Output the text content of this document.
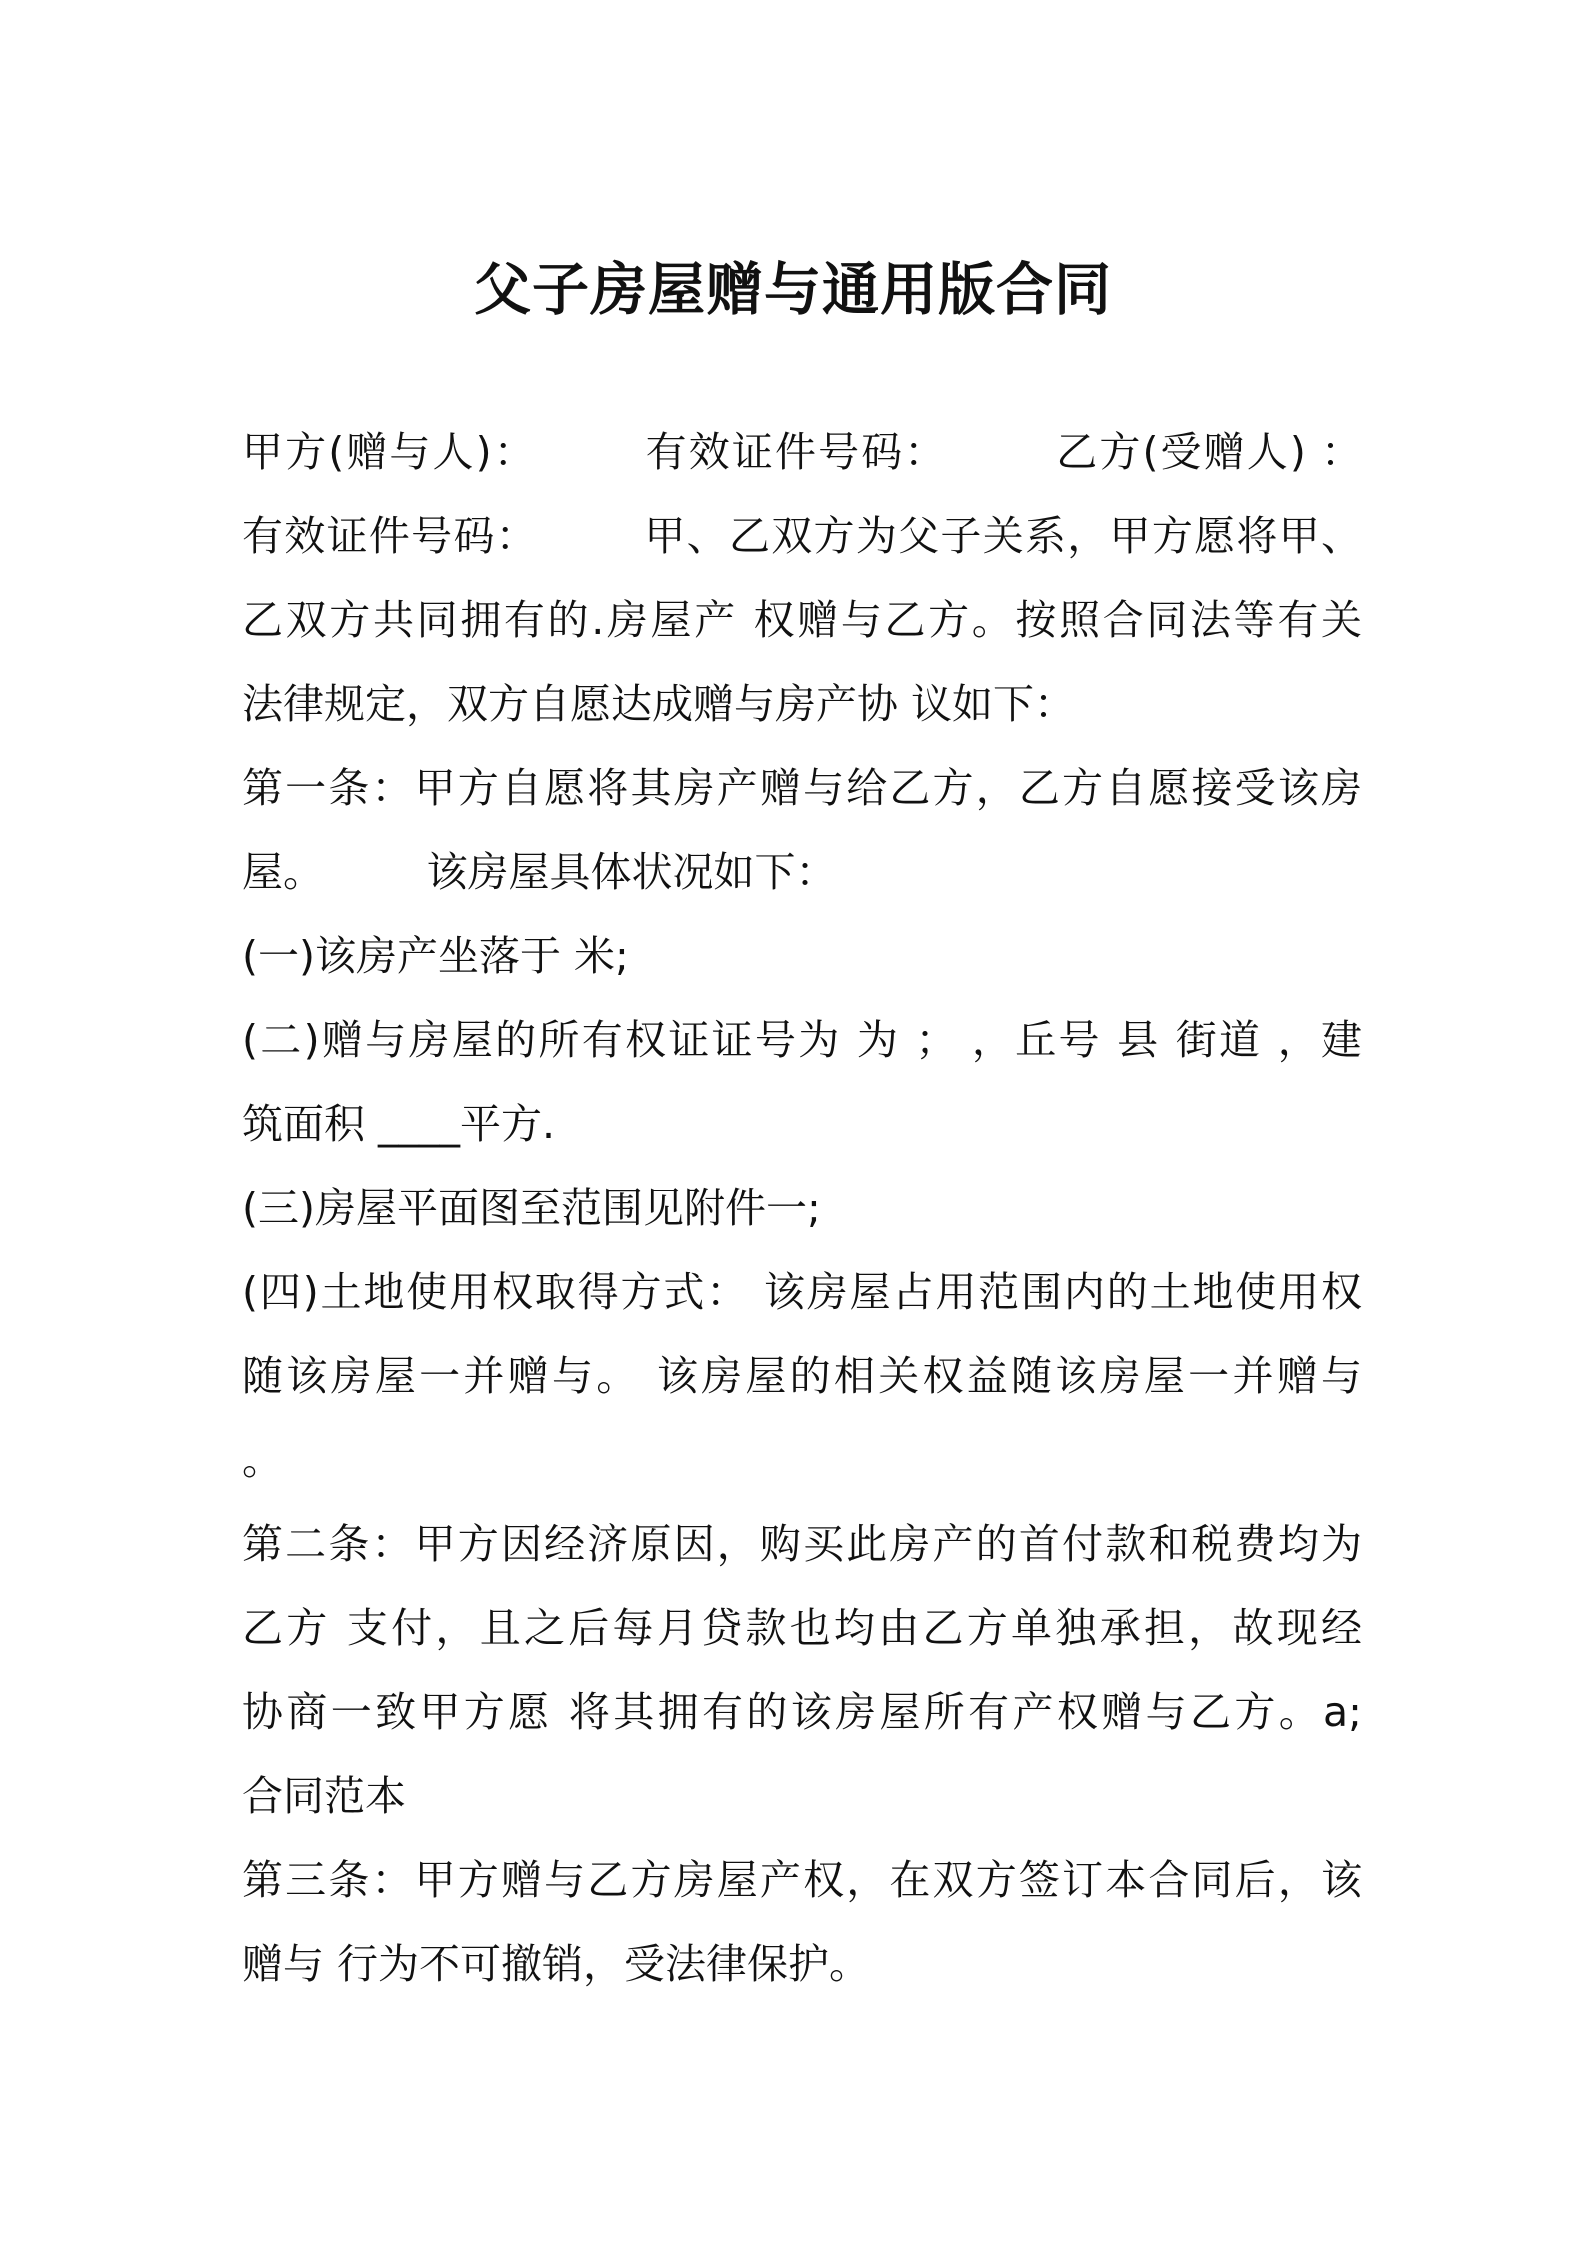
父子房屋赠与通用版合同
甲方(赠与人)：　　　有效证件号码：　　　乙方(受赠人) ：
有效证件号码：　　　甲、乙双方为父子关系，甲方愿将甲、
乙双方共同拥有的.房屋产 权赠与乙方。按照合同法等有关
法律规定，双方自愿达成赠与房产协 议如下：
第一条：甲方自愿将其房产赠与给乙方，乙方自愿接受该房
屋。　　　该房屋具体状况如下：
(一)该房产坐落于 米;
(二)赠与房屋的所有权证证号为 为 ； ，丘号 县 街道 ，建
筑面积 ____平方.
(三)房屋平面图至范围见附件一;
(四)土地使用权取得方式： 该房屋占用范围内的土地使用权
随该房屋一并赠与。 该房屋的相关权益随该房屋一并赠与
。
第二条：甲方因经济原因，购买此房产的首付款和税费均为
乙方 支付，且之后每月贷款也均由乙方单独承担，故现经
协商一致甲方愿 将其拥有的该房屋所有产权赠与乙方。a;
合同范本
第三条：甲方赠与乙方房屋产权，在双方签订本合同后，该
赠与 行为不可撤销，受法律保护。
